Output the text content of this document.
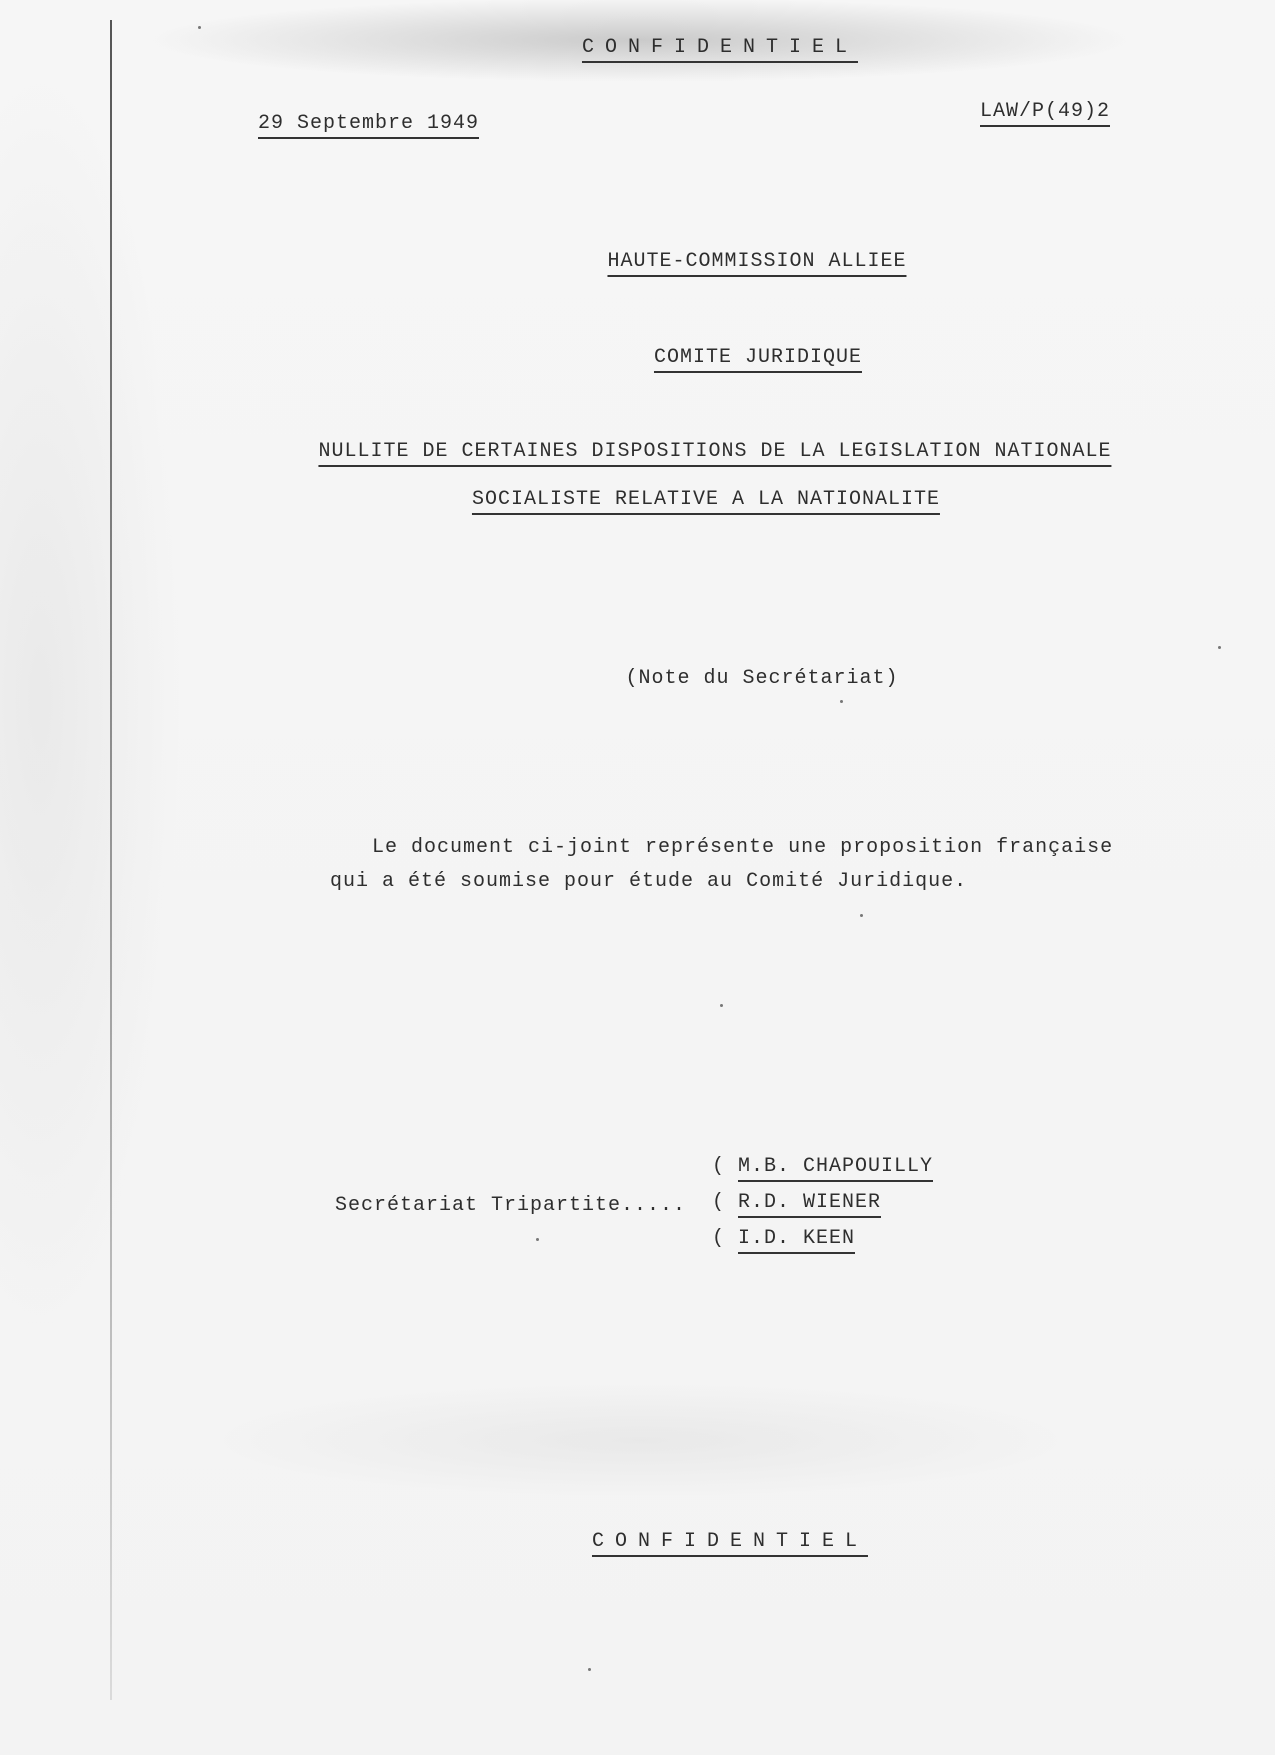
CONFIDENTIEL
29 Septembre 1949
LAW/P(49)2
HAUTE-COMMISSION ALLIEE
COMITE JURIDIQUE
NULLITE DE CERTAINES DISPOSITIONS DE LA LEGISLATION NATIONALE
SOCIALISTE RELATIVE A LA NATIONALITE
(Note du Secrétariat)
Le document ci-joint représente une proposition française
qui a été soumise pour étude au Comité Juridique.
Secrétariat Tripartite.....
( M.B. CHAPOUILLY
( R.D. WIENER
( I.D. KEEN
CONFIDENTIEL
